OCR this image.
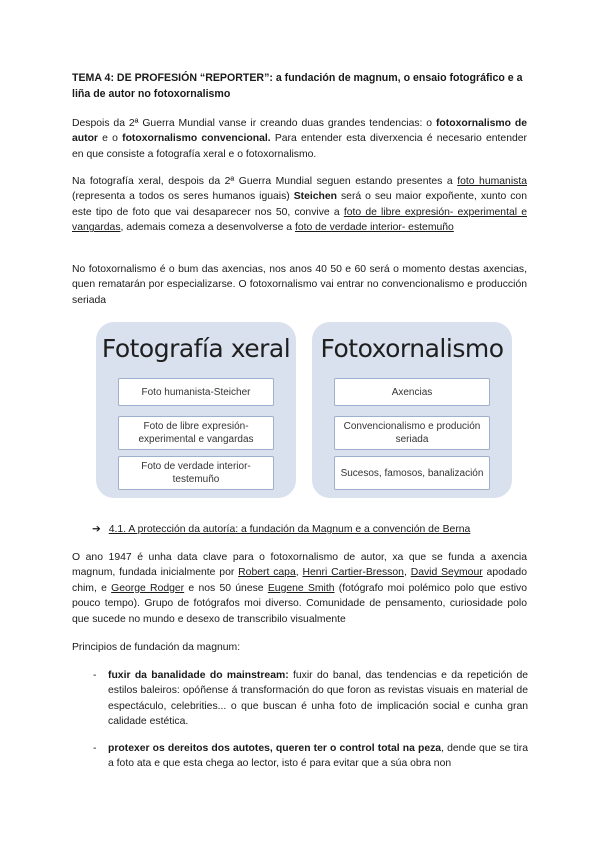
TEMA 4: DE PROFESIÓN “REPORTER”: a fundación de magnum, o ensaio fotográfico e a liña de autor no fotoxornalismo
Despois da 2ª Guerra Mundial vanse ir creando duas grandes tendencias: o fotoxornalismo de autor e o fotoxornalismo convencional. Para entender esta diverxencia é necesario entender en que consiste a fotografía xeral e o fotoxornalismo.
Na fotografía xeral, despois da 2ª Guerra Mundial seguen estando presentes a foto humanista (representa a todos os seres humanos iguais) Steichen será o seu maior expoñente, xunto con este tipo de foto que vai desaparecer nos 50, convive a foto de libre expresión- experimental e vangardas, ademais comeza a desenvolverse a foto de verdade interior- estemuño
No fotoxornalismo é o bum das axencias, nos anos 40 50 e 60 será o momento destas axencias, quen rematarán por especializarse. O fotoxornalismo vai entrar no convencionalismo e producción seriada
Fotografía xeral
Foto humanista-Steicher
Foto de libre expresión-experimental e vangardas
Foto de verdade interior-testemuño
Fotoxornalismo
Axencias
Convencionalismo e produción seriada
Sucesos, famosos, banalización
➔ 4.1. A protección da autoría: a fundación da Magnum e a convención de Berna
O ano 1947 é unha data clave para o fotoxornalismo de autor, xa que se funda a axencia magnum, fundada inicialmente por Robert capa, Henri Cartier-Bresson, David Seymour apodado chim, e George Rodger e nos 50 únese Eugene Smith (fotógrafo moi polémico polo que estivo pouco tempo). Grupo de fotógrafos moi diverso. Comunidade de pensamento, curiosidade polo que sucede no mundo e desexo de transcribilo visualmente
Principios de fundación da magnum:
- fuxir da banalidade do mainstream: fuxir do banal, das tendencias e da repetición de estilos baleiros: opóñense á transformación do que foron as revistas visuais en material de espectáculo, celebrities... o que buscan é unha foto de implicación social e cunha gran calidade estética.
- protexer os dereitos dos autotes, queren ter o control total na peza, dende que se tira a foto ata e que esta chega ao lector, isto é para evitar que a súa obra non
